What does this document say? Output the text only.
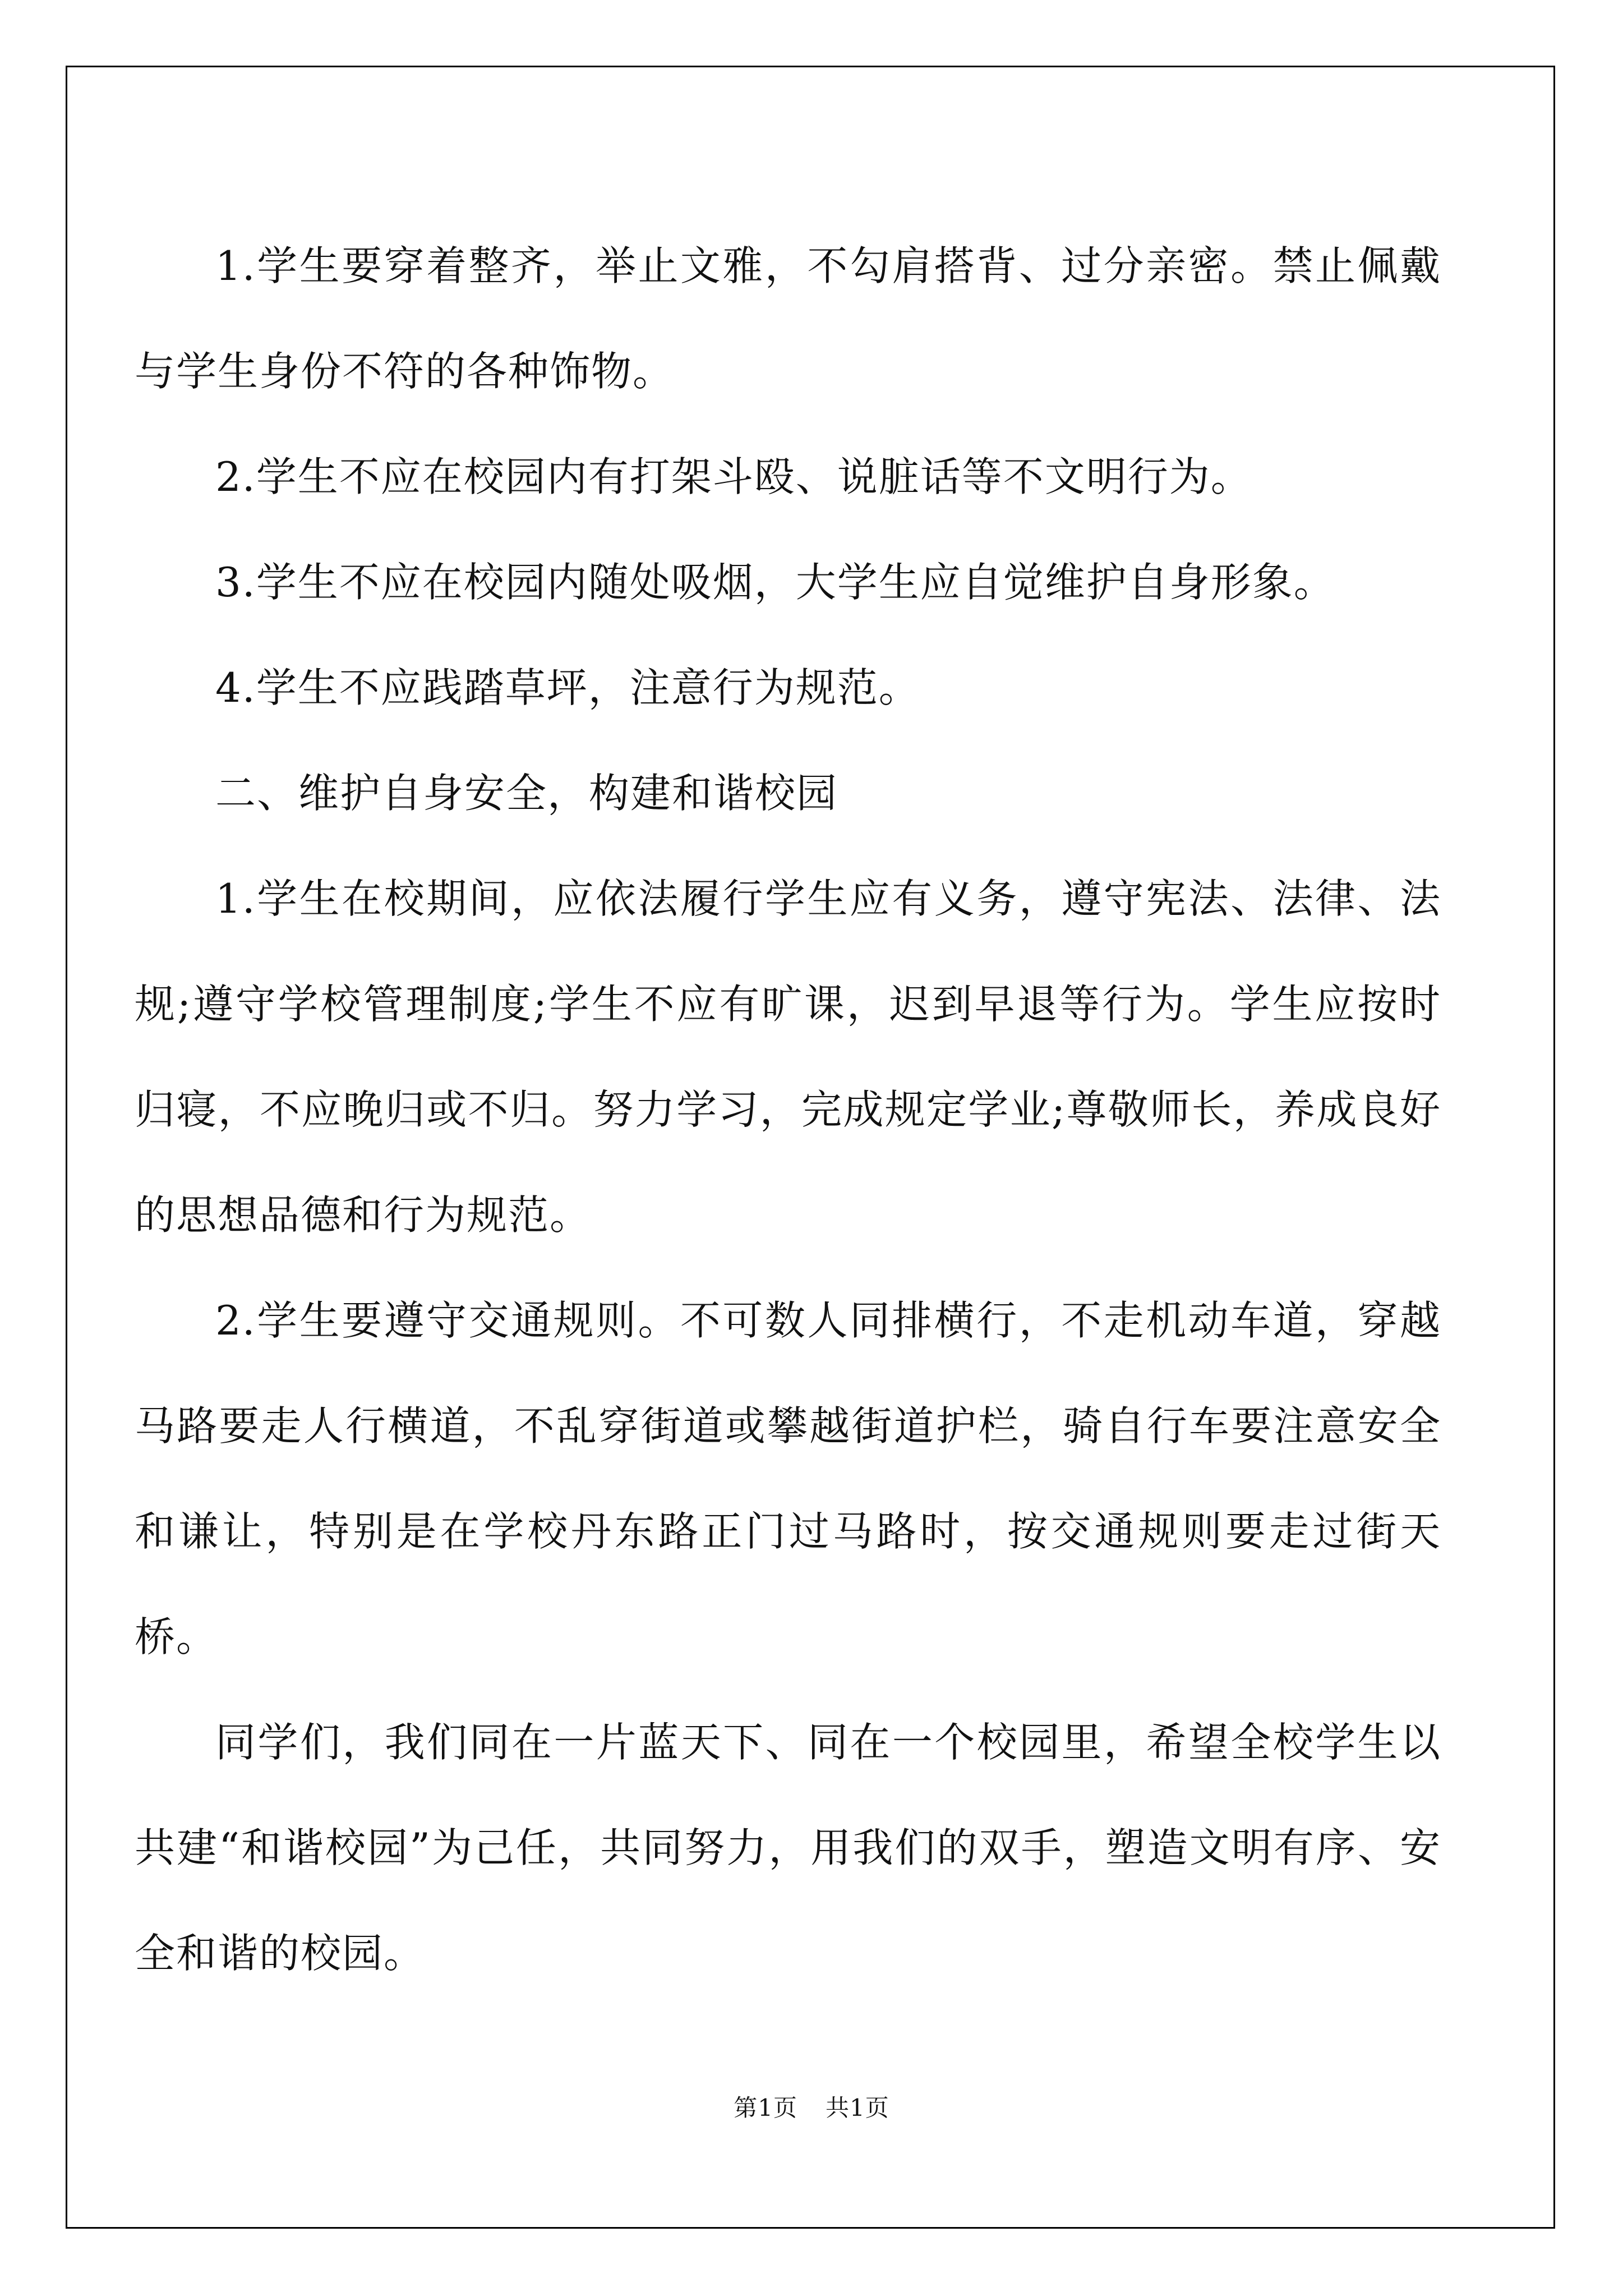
1.学生要穿着整齐，举止文雅，不勾肩搭背、过分亲密。禁止佩戴与学生身份不符的各种饰物。

2.学生不应在校园内有打架斗殴、说脏话等不文明行为。

3.学生不应在校园内随处吸烟，大学生应自觉维护自身形象。

4.学生不应践踏草坪，注意行为规范。

二、维护自身安全，构建和谐校园

1.学生在校期间，应依法履行学生应有义务，遵守宪法、法律、法规;遵守学校管理制度;学生不应有旷课，迟到早退等行为。学生应按时归寝，不应晚归或不归。努力学习，完成规定学业;尊敬师长，养成良好的思想品德和行为规范。

2.学生要遵守交通规则。不可数人同排横行，不走机动车道，穿越马路要走人行横道，不乱穿街道或攀越街道护栏，骑自行车要注意安全和谦让，特别是在学校丹东路正门过马路时，按交通规则要走过街天桥。

同学们，我们同在一片蓝天下、同在一个校园里，希望全校学生以共建“和谐校园”为己任，共同努力，用我们的双手，塑造文明有序、安全和谐的校园。

第1页 共1页
